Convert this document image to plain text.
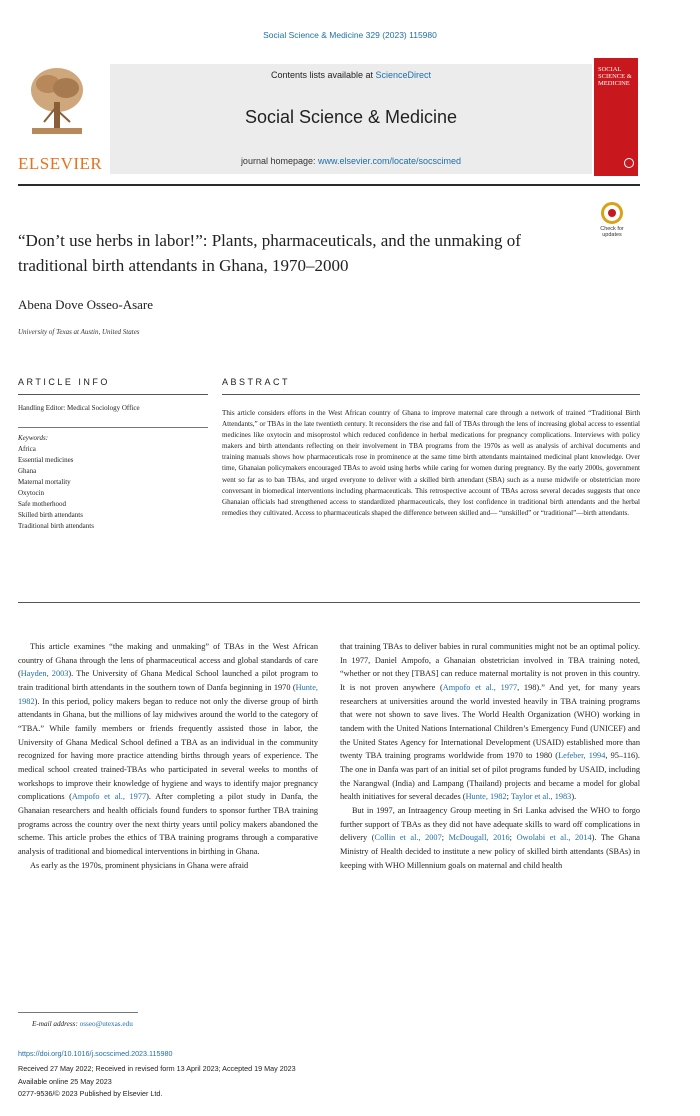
Social Science & Medicine 329 (2023) 115980
ELSEVIER
Contents lists available at ScienceDirect
Social Science & Medicine
journal homepage: www.elsevier.com/locate/socscimed
SOCIAL SCIENCE & MEDICINE
“Don’t use herbs in labor!”: Plants, pharmaceuticals, and the unmaking of traditional birth attendants in Ghana, 1970–2000
Check for updates
Abena Dove Osseo-Asare
University of Texas at Austin, United States
ARTICLE INFO	ABSTRACT
Handling Editor: Medical Sociology Office
Keywords:
Africa
Essential medicines
Ghana
Maternal mortality
Oxytocin
Safe motherhood
Skilled birth attendants
Traditional birth attendants
This article considers efforts in the West African country of Ghana to improve maternal care through a network of trained “Traditional Birth Attendants,” or TBAs in the late twentieth century. It reconsiders the rise and fall of TBAs through the lens of increasing global access to essential medicines like oxytocin and misoprostol which reduced confidence in herbal medications for pregnancy complications. Interviews with policy makers and birth attendants reflecting on their involvement in TBA programs from the 1970s as well as analysis of archival documents and training manuals shows how pharmaceuticals rose in prominence at the same time birth attendants maintained medicinal plant knowledge. Over time, Ghanaian policymakers encouraged TBAs to avoid using herbs while caring for women during pregnancy. By the early 2000s, government went so far as to ban TBAs, and urged everyone to deliver with a skilled birth attendant (SBA) such as a nurse midwife or obstetrician more conversant in biomedical interventions including pharmaceuticals. This retrospective account of TBAs across several decades suggests that once Ghanaian officials had strengthened access to standardized pharmaceuticals, they lost confidence in traditional birth attendants and the herbal remedies they cultivated. Access to pharmaceuticals shaped the difference between skilled and— “unskilled” or “traditional”—birth attendants.

This article examines “the making and unmaking” of TBAs in the West African country of Ghana through the lens of pharmaceutical access and global standards of care (Hayden, 2003). The University of Ghana Medical School launched a pilot program to train traditional birth attendants in the southern town of Danfa beginning in 1970 (Hunte, 1982). In this period, policy makers began to reduce not only the diverse group of birth attendants in Ghana, but the millions of lay midwives around the world to the category of “TBA.” While family members or friends frequently assisted those in labor, the University of Ghana Medical School defined a TBA as an individual in the community recognized for having more practice attending births through years of experience. The medical school created trained-TBAs who participated in several weeks to months of workshops to improve their knowledge of hygiene and ways to identify major pregnancy complications (Ampofo et al., 1977). After completing a pilot study in Danfa, the Ghanaian researchers and health officials found funders to sponsor further TBA training programs across the country over the next thirty years until policy makers abandoned the scheme. This article probes the ethics of TBA training programs through a comparative analysis of traditional and biomedical interventions in birthing in Ghana.

As early as the 1970s, prominent physicians in Ghana were afraid

that training TBAs to deliver babies in rural communities might not be an optimal policy. In 1977, Daniel Ampofo, a Ghanaian obstetrician involved in TBA training noted, “whether or not they [TBAS] can reduce maternal mortality is not proven in this country. It is not proven anywhere (Ampofo et al., 1977, 198).” And yet, for many years researchers at universities around the world invested heavily in TBA training programs that were not shown to save lives. The World Health Organization (WHO) working in tandem with the United Nations International Children’s Emergency Fund (UNICEF) and the United States Agency for International Development (USAID) established more than twenty TBA training programs worldwide from 1970 to 1980 (Lefeber, 1994, 95–116). The one in Danfa was part of an initial set of pilot programs funded by USAID, including the Narangwal (India) and Lampang (Thailand) projects and became a model for global health initiatives for several decades (Hunte, 1982; Taylor et al., 1983).

But in 1997, an Intraagency Group meeting in Sri Lanka advised the WHO to forgo further support of TBAs as they did not have adequate skills to ward off complications in delivery (Collin et al., 2007; McDougall, 2016; Owolabi et al., 2014). The Ghana Ministry of Health decided to institute a new policy of skilled birth attendants (SBAs) in keeping with WHO Millennium goals on maternal and child health

E-mail address: osseo@utexas.edu
https://doi.org/10.1016/j.socscimed.2023.115980
Received 27 May 2022; Received in revised form 13 April 2023; Accepted 19 May 2023
Available online 25 May 2023
0277-9536/© 2023 Published by Elsevier Ltd.
